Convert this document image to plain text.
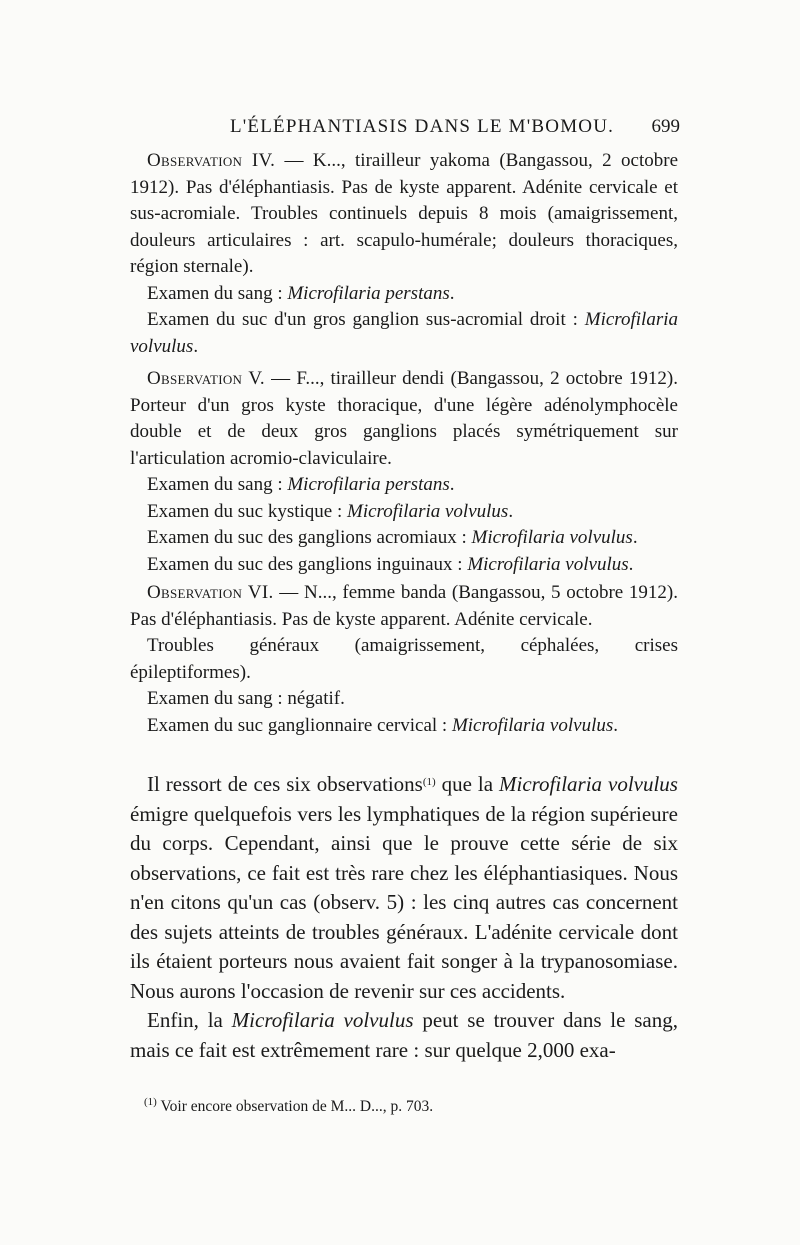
L'ÉLÉPHANTIASIS DANS LE M'BOMOU. 699

Observation IV. — K..., tirailleur yakoma (Bangassou, 2 octobre 1912). Pas d'éléphantiasis. Pas de kyste apparent. Adénite cervicale et sus-acromiale. Troubles continuels depuis 8 mois (amaigrissement, douleurs articulaires : art. scapulo-humérale; douleurs thoraciques, région sternale).

Examen du sang : Microfilaria perstans.

Examen du suc d'un gros ganglion sus-acromial droit : Microfilaria volvulus.

Observation V. — F..., tirailleur dendi (Bangassou, 2 octobre 1912). Porteur d'un gros kyste thoracique, d'une légère adénolymphocèle double et de deux gros ganglions placés symétriquement sur l'articulation acromio-claviculaire.

Examen du sang : Microfilaria perstans.

Examen du suc kystique : Microfilaria volvulus.

Examen du suc des ganglions acromiaux : Microfilaria volvulus.

Examen du suc des ganglions inguinaux : Microfilaria volvulus.

Observation VI. — N..., femme banda (Bangassou, 5 octobre 1912). Pas d'éléphantiasis. Pas de kyste apparent. Adénite cervicale.

Troubles généraux (amaigrissement, céphalées, crises épileptiformes).

Examen du sang : négatif.

Examen du suc ganglionnaire cervical : Microfilaria volvulus.

Il ressort de ces six observations$^{(1)}$ que la Microfilaria volvulus émigre quelquefois vers les lymphatiques de la région supérieure du corps. Cependant, ainsi que le prouve cette série de six observations, ce fait est très rare chez les éléphantiasiques. Nous n'en citons qu'un cas (observ. 5) : les cinq autres cas concernent des sujets atteints de troubles généraux. L'adénite cervicale dont ils étaient porteurs nous avaient fait songer à la trypanosomiase. Nous aurons l'occasion de revenir sur ces accidents.

Enfin, la Microfilaria volvulus peut se trouver dans le sang, mais ce fait est extrêmement rare : sur quelque 2,000 exa-

$^{(1)}$ Voir encore observation de M... D..., p. 703.
